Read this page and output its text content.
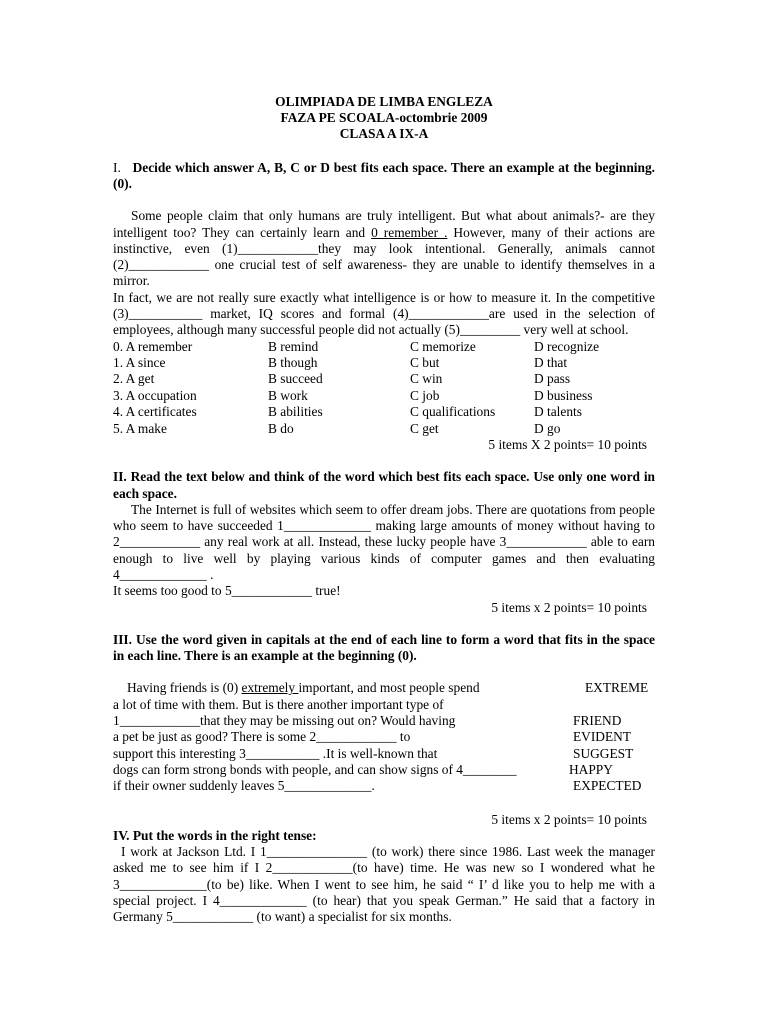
OLIMPIADA DE LIMBA ENGLEZA
FAZA PE SCOALA-octombrie 2009
CLASA A IX-A

I. Decide which answer A, B, C or D best fits each space. There an example at the beginning. (0).

Some people claim that only humans are truly intelligent. But what about animals?- are they intelligent too? They can certainly learn and 0 remember . However, many of their actions are instinctive, even (1)____________they may look intentional. Generally, animals cannot (2)____________ one crucial test of self awareness- they are unable to identify themselves in a mirror.

In fact, we are not really sure exactly what intelligence is or how to measure it. In the competitive (3)___________ market, IQ scores and formal (4)____________are used in the selection of employees, although many successful people did not actually (5)_________ very well at school.

0. A remember	B remind	C memorize	D recognize
1. A since	B though	C but	D that
2. A get	B succeed	C win	D pass
3. A occupation	B work	C job	D business
4. A certificates	B abilities	C qualifications	D talents
5. A make	B do	C get	D go
5 items X 2 points= 10 points

II. Read the text below and think of the word which best fits each space. Use only one word in each space.

The Internet is full of websites which seem to offer dream jobs. There are quotations from people who seem to have succeeded 1_____________ making large amounts of money without having to 2____________ any real work at all. Instead, these lucky people have 3____________ able to earn enough to live well by playing various kinds of computer games and then evaluating 4_____________ .

It seems too good to 5____________ true!

5 items x 2 points= 10 points

III. Use the word given in capitals at the end of each line to form a word that fits in the space in each line. There is an example at the beginning (0).

Having friends is (0) extremely important, and most people spend	EXTREME
a lot of time with them. But is there another important type of
1____________that they may be missing out on? Would having	FRIEND
a pet be just as good? There is some 2____________ to	EVIDENT
support this interesting 3___________ .It is well-known that	SUGGEST
dogs can form strong bonds with people, and can show signs of 4________	HAPPY
if their owner suddenly leaves 5_____________.	EXPECTED
5 items x 2 points= 10 points

IV. Put the words in the right tense:

I work at Jackson Ltd. I 1_______________ (to work) there since 1986. Last week the manager asked me to see him if I 2____________(to have) time. He was new so I wondered what he 3_____________(to be) like. When I went to see him, he said “ I’ d like you to help me with a special project. I 4_____________ (to hear) that you speak German.” He said that a factory in Germany 5____________ (to want) a specialist for six months.
